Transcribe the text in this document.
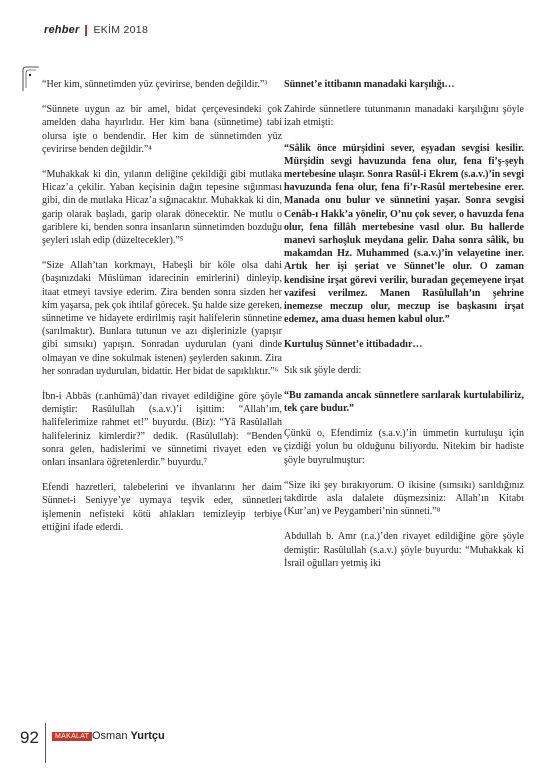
rehber EKİM 2018

“Her kim, sünnetimden yüz çevirirse, benden değildir.”³

“Sünnete uygun az bir amel, bidat çerçevesindeki çok amelden daha hayırlıdır. Her kim bana (sünnetime) tabi olursa işte o bendendir. Her kim de sünnetimden yüz çevirirse benden değildir.”⁴

“Muhakkak ki din, yılanın deliğine çekildiği gibi mutlaka Hicaz’a çekilir. Yaban keçisinin dağın tepesine sığınması gibi, din de mutlaka Hicaz’a sığınacaktır. Muhakkak ki din, garip olarak başladı, garip olarak dönecektir. Ne mutlu o gariblere ki, benden sonra insanların sünnetimden bozduğu şeyleri ıslah edip (düzeltecekler).”⁵

“Size Allah’tan korkmayı, Habeşli bir köle olsa dahi (başınızdaki Müslüman idarecinin emirlerini) dinleyip, itaat etmeyi tavsiye ederim. Zira benden sonra sizden her kim yaşarsa, pek çok ihtilaf görecek. Şu halde size gereken, sünnetime ve hidayete erdirilmiş raşit halifelerin sünnetine (sarılmaktır). Bunlara tutunun ve azı dişlerinizle (yapışır gibi sımsıkı) yapışın. Sonradan uydurulan (yani dinde olmayan ve dine sokulmak istenen) şeylerden sakının. Zira her sonradan uydurulan, bidattir. Her bidat de sapıklıktır.”⁶

İbn-i Abbâs (r.anhümâ)’dan rivayet edildiğine göre şöyle demiştir: Rasûlullah (s.a.v.)’i işittim: “Allah’ım, halifelerimize rahmet et!” buyurdu. (Biz): “Yâ Rasûlallah halifeleriniz kimlerdir?” dedik. (Rasûlullah): “Benden sonra gelen, hadislerimi ve sünnetimi rivayet eden ve onları insanlara öğretenlerdir.” buyurdu.⁷

Efendi hazretleri, talebelerini ve ihvanlarını her daim Sünnet-i Seniyye’ye uymaya teşvik eder, sünnetleri işlemenin nefisteki kötü ahlakları temizleyip terbiye ettiğini ifade ederdi.

Sünnet’e ittibanın manadaki karşılığı…

Zahirde sünnetlere tutunmanın manadaki karşılığını şöyle izah etmişti:

“Sâlik önce mürşidini sever, eşyadan sevgisi kesilir. Mürşidin sevgi havuzunda fena olur, fena fi’ş-şeyh mertebesine ulaşır. Sonra Rasûl-i Ekrem (s.a.v.)’in sevgi havuzunda fena olur, fena fi’r-Rasûl mertebesine erer. Manada onu bulur ve sünnetini yaşar. Sonra sevgisi Cenâb-ı Hakk’a yönelir, O’nu çok sever, o havuzda fena olur, fena fillâh mertebesine vasıl olur. Bu hallerde manevi sarhoşluk meydana gelir. Daha sonra sâlik, bu makamdan Hz. Muhammed (s.a.v.)’in velayetine iner. Artık her işi şeriat ve Sünnet’le olur. O zaman kendisine irşat görevi verilir, buradan geçemeyene irşat vazifesi verilmez. Manen Rasûlullah’ın şehrine inemezse meczup olur, meczup ise başkasını irşat edemez, ama duası hemen kabul olur.”

Kurtuluş Sünnet’e ittibadadır…

Sık sık şöyle derdi:

“Bu zamanda ancak sünnetlere sarılarak kurtulabiliriz, tek çare budur.”

Çünkü o, Efendimiz (s.a.v.)’in ümmetin kurtuluşu için çizdiği yolun bu olduğunu biliyordu. Nitekim bir hadiste şöyle buyrulmuştur:

“Size iki şey bırakıyorum. O ikisine (sımsıkı) sarıldığınız takdirde asla dalalete düşmezsiniz: Allah’ın Kitabı (Kur’an) ve Peygamberi’nin sünneti.”⁸

Abdullah b. Amr (r.a.)’den rivayet edildiğine göre şöyle demiştir: Rasûlullah (s.a.v.) şöyle buyurdu: “Muhakkak ki İsrail oğulları yetmiş iki

92	MAKALAT Osman Yurtçu
